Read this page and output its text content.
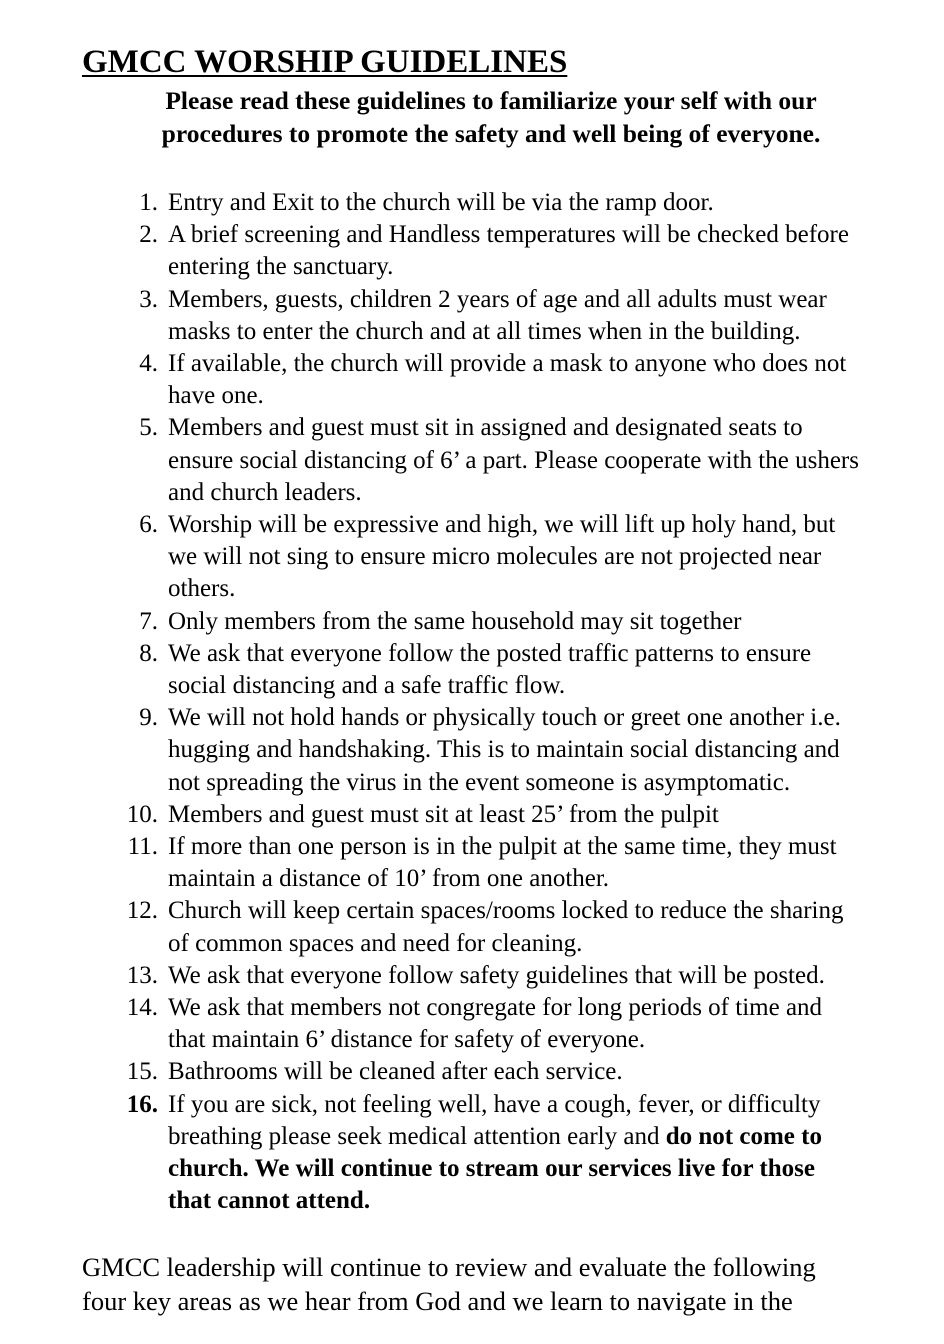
GMCC WORSHIP GUIDELINES
Please read these guidelines to familiarize your self with our
procedures to promote the safety and well being of everyone.
1. Entry and Exit to the church will be via the ramp door.
2. A brief screening and Handless temperatures will be checked before
entering the sanctuary.
3. Members, guests, children 2 years of age and all adults must wear
masks to enter the church and at all times when in the building.
4. If available, the church will provide a mask to anyone who does not
have one.
5. Members and guest must sit in assigned and designated seats to
ensure social distancing of 6’ a part. Please cooperate with the ushers
and church leaders.
6. Worship will be expressive and high, we will lift up holy hand, but
we will not sing to ensure micro molecules are not projected near
others.
7. Only members from the same household may sit together
8. We ask that everyone follow the posted traffic patterns to ensure
social distancing and a safe traffic flow.
9. We will not hold hands or physically touch or greet one another i.e.
hugging and handshaking. This is to maintain social distancing and
not spreading the virus in the event someone is asymptomatic.
10. Members and guest must sit at least 25’ from the pulpit
11. If more than one person is in the pulpit at the same time, they must
maintain a distance of 10’ from one another.
12. Church will keep certain spaces/rooms locked to reduce the sharing
of common spaces and need for cleaning.
13. We ask that everyone follow safety guidelines that will be posted.
14. We ask that members not congregate for long periods of time and
that maintain 6’ distance for safety of everyone.
15. Bathrooms will be cleaned after each service.
16. If you are sick, not feeling well, have a cough, fever, or difficulty
breathing please seek medical attention early and do not come to
church. We will continue to stream our services live for those
that cannot attend.
GMCC leadership will continue to review and evaluate the following
four key areas as we hear from God and we learn to navigate in the
